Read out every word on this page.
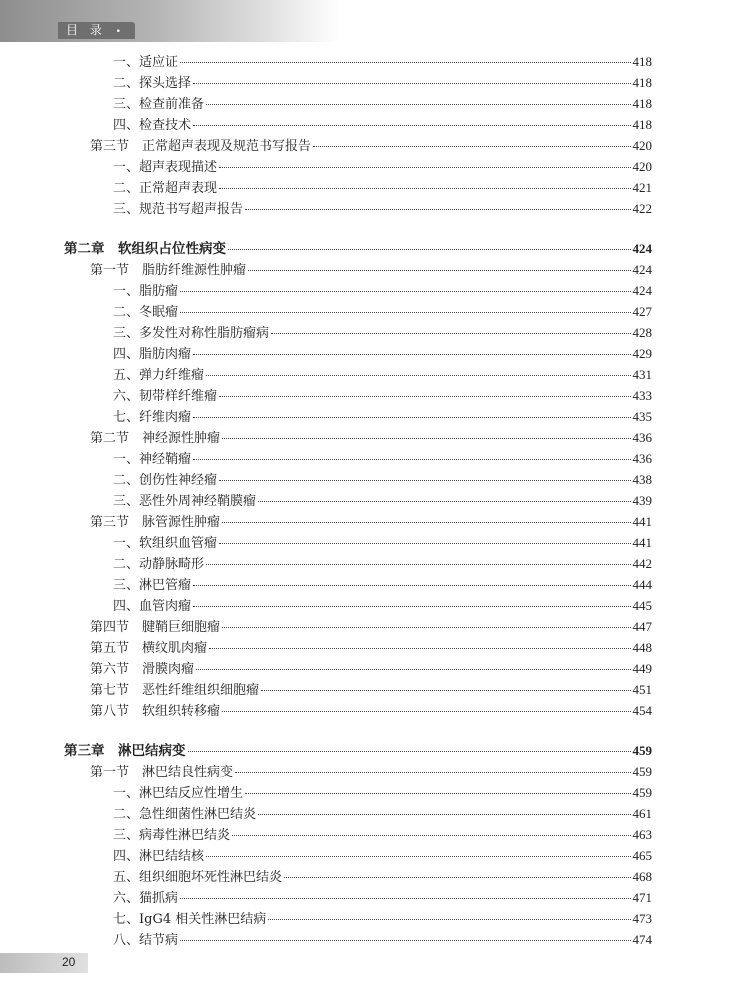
目 录 •
一、适应证	418
二、探头选择	418
三、检查前准备	418
四、检查技术	418
第三节　正常超声表现及规范书写报告	420
一、超声表现描述	420
二、正常超声表现	421
三、规范书写超声报告	422
第二章　软组织占位性病变	424
第一节　脂肪纤维源性肿瘤	424
一、脂肪瘤	424
二、冬眠瘤	427
三、多发性对称性脂肪瘤病	428
四、脂肪肉瘤	429
五、弹力纤维瘤	431
六、韧带样纤维瘤	433
七、纤维肉瘤	435
第二节　神经源性肿瘤	436
一、神经鞘瘤	436
二、创伤性神经瘤	438
三、恶性外周神经鞘膜瘤	439
第三节　脉管源性肿瘤	441
一、软组织血管瘤	441
二、动静脉畸形	442
三、淋巴管瘤	444
四、血管肉瘤	445
第四节　腱鞘巨细胞瘤	447
第五节　横纹肌肉瘤	448
第六节　滑膜肉瘤	449
第七节　恶性纤维组织细胞瘤	451
第八节　软组织转移瘤	454
第三章　淋巴结病变	459
第一节　淋巴结良性病变	459
一、淋巴结反应性增生	459
二、急性细菌性淋巴结炎	461
三、病毒性淋巴结炎	463
四、淋巴结结核	465
五、组织细胞坏死性淋巴结炎	468
六、猫抓病	471
七、IgG4 相关性淋巴结病	473
八、结节病	474
20
